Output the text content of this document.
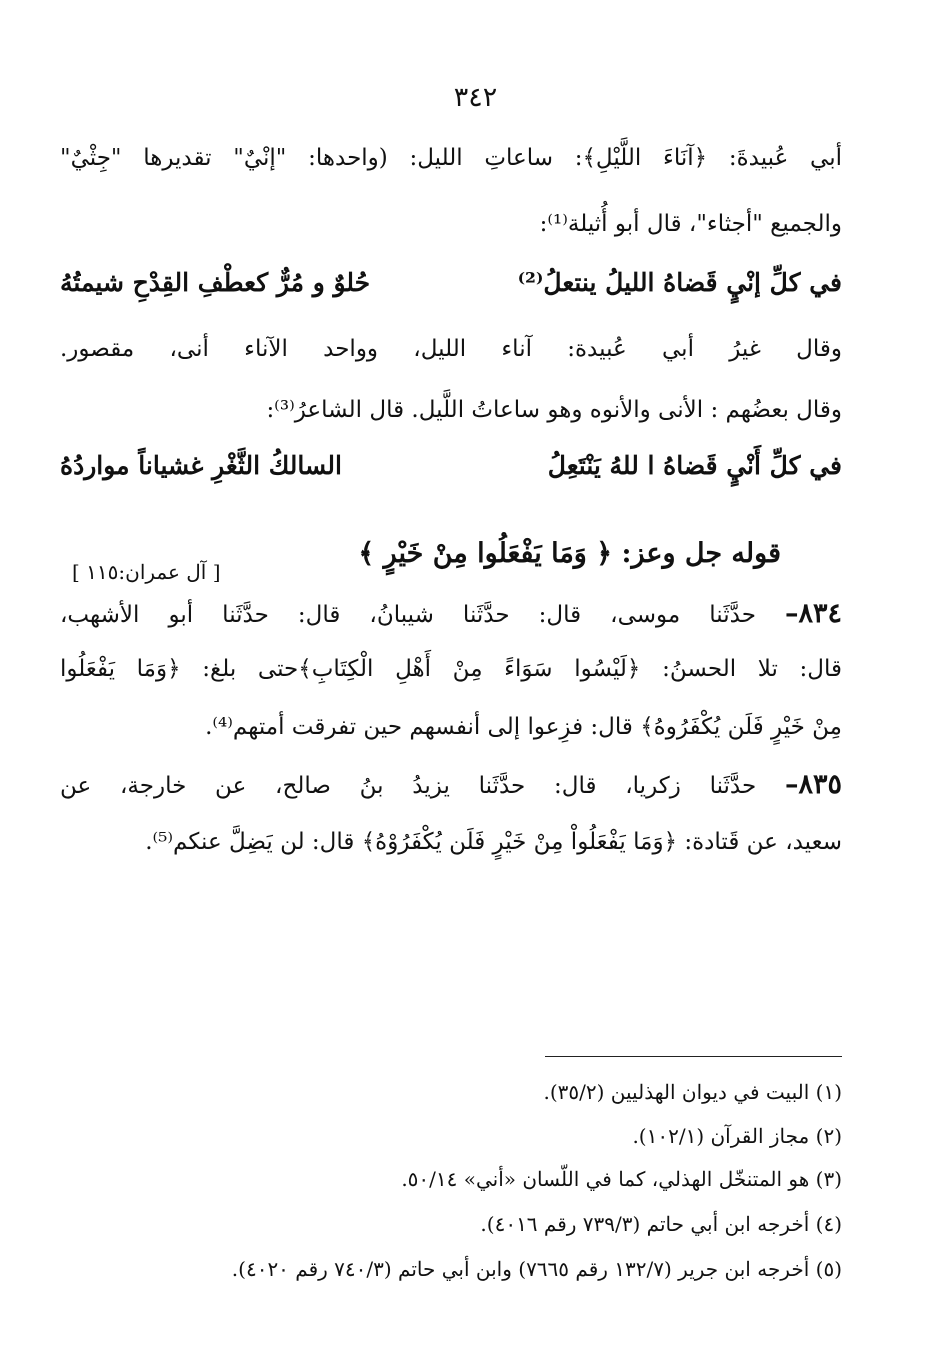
٣٤٢
أبي عُبيدةَ: ﴿آنَاءَ اللَّيْلِ﴾: ساعاتِ الليل: (واحدها: "إنْيٌ" تقديرها "جِثْيٌ"
والجميع "أجثاء"، قال أبو أُثيلة⁽¹⁾:
في كلِّ إنْيٍ قَضاهُ الليلُ ينتعلُ⁽²⁾
حُلوٌ و مُرٌّ كعطْفِ القِدْحِ شيمتُهُ
وقال غيرُ أبي عُبيدة: آناء الليل، وواحد الآناء أنى، مقصور.
وقال بعضُهم : الأنى والأنوه وهو ساعاتُ اللَّيل. قال الشاعرُ⁽³⁾:
في كلِّ أَنْيٍ قَضاهُ ا للهُ يَنْتَعِلُ
السالكُ الثَّغْرِ غشياناً مواردُهُ
قوله جل وعز: ﴿ وَمَا يَفْعَلُوا مِنْ خَيْرٍ ﴾
[ آل عمران:١١٥ ]
٨٣٤– حدَّثَنا موسى، قال: حدَّثَنا شيبانُ، قال: حدَّثَنا أبو الأشهب،
قال: تلا الحسنُ: ﴿لَيْسُوا سَوَاءً مِنْ أَهْلِ الْكِتَابِ﴾حتى بلغ: ﴿وَمَا يَفْعَلُوا
مِنْ خَيْرٍ فَلَن يُكْفَرُوهُ﴾ قال: فزِعوا إلى أنفسهم حين تفرقت أمتهم⁽⁴⁾.
٨٣٥– حدَّثَنا زكريا، قال: حدَّثَنا يزيدُ بنُ صالح، عن خارجة، عن
سعيد، عن قَتادة: ﴿وَمَا يَفْعَلُواْ مِنْ خَيْرٍ فَلَن يُكْفَرُوْهُ﴾ قال: لن يَضِلَّ عنكم⁽⁵⁾.
(١) البيت في ديوان الهذليين (٣٥/٢).
(٢) مجاز القرآن (١٠٢/١).
(٣) هو المتنخّل الهذلي، كما في اللّسان «أني» ٥٠/١٤.
(٤) أخرجه ابن أبي حاتم (٧٣٩/٣ رقم ٤٠١٦).
(٥) أخرجه ابن جرير (١٣٢/٧ رقم ٧٦٦٥) وابن أبي حاتم (٧٤٠/٣ رقم ٤٠٢٠).
